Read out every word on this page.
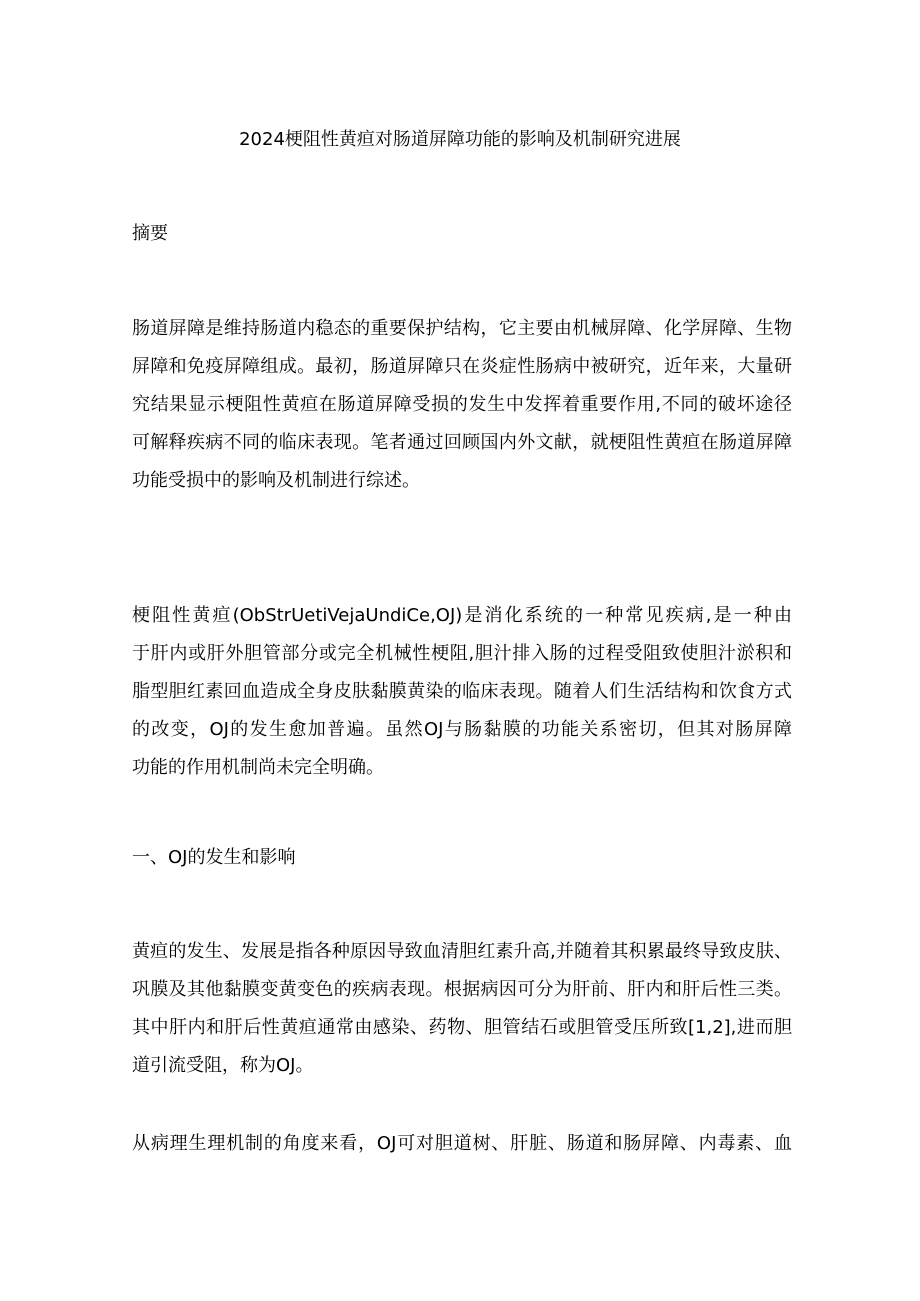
2024梗阻性黄疸对肠道屏障功能的影响及机制研究进展
摘要

肠道屏障是维持肠道内稳态的重要保护结构，它主要由机械屏障、化学屏障、生物
屏障和免疫屏障组成。最初，肠道屏障只在炎症性肠病中被研究，近年来，大量研
究结果显示梗阻性黄疸在肠道屏障受损的发生中发挥着重要作用,不同的破坏途径
可解释疾病不同的临床表现。笔者通过回顾国内外文献，就梗阻性黄疸在肠道屏障
功能受损中的影响及机制进行综述。

梗阻性黄疸(ObStrUetiVejaUndiCe,OJ)是消化系统的一种常见疾病,是一种由
于肝内或肝外胆管部分或完全机械性梗阻,胆汁排入肠的过程受阻致使胆汁淤积和
脂型胆红素回血造成全身皮肤黏膜黄染的临床表现。随着人们生活结构和饮食方式
的改变，OJ的发生愈加普遍。虽然OJ与肠黏膜的功能关系密切，但其对肠屏障
功能的作用机制尚未完全明确。

一、OJ的发生和影响

黄疸的发生、发展是指各种原因导致血清胆红素升高,并随着其积累最终导致皮肤、
巩膜及其他黏膜变黄变色的疾病表现。根据病因可分为肝前、肝内和肝后性三类。
其中肝内和肝后性黄疸通常由感染、药物、胆管结石或胆管受压所致[1,2],进而胆
道引流受阻，称为OJ。

从病理生理机制的角度来看，OJ可对胆道树、肝脏、肠道和肠屏障、内毒素、血
